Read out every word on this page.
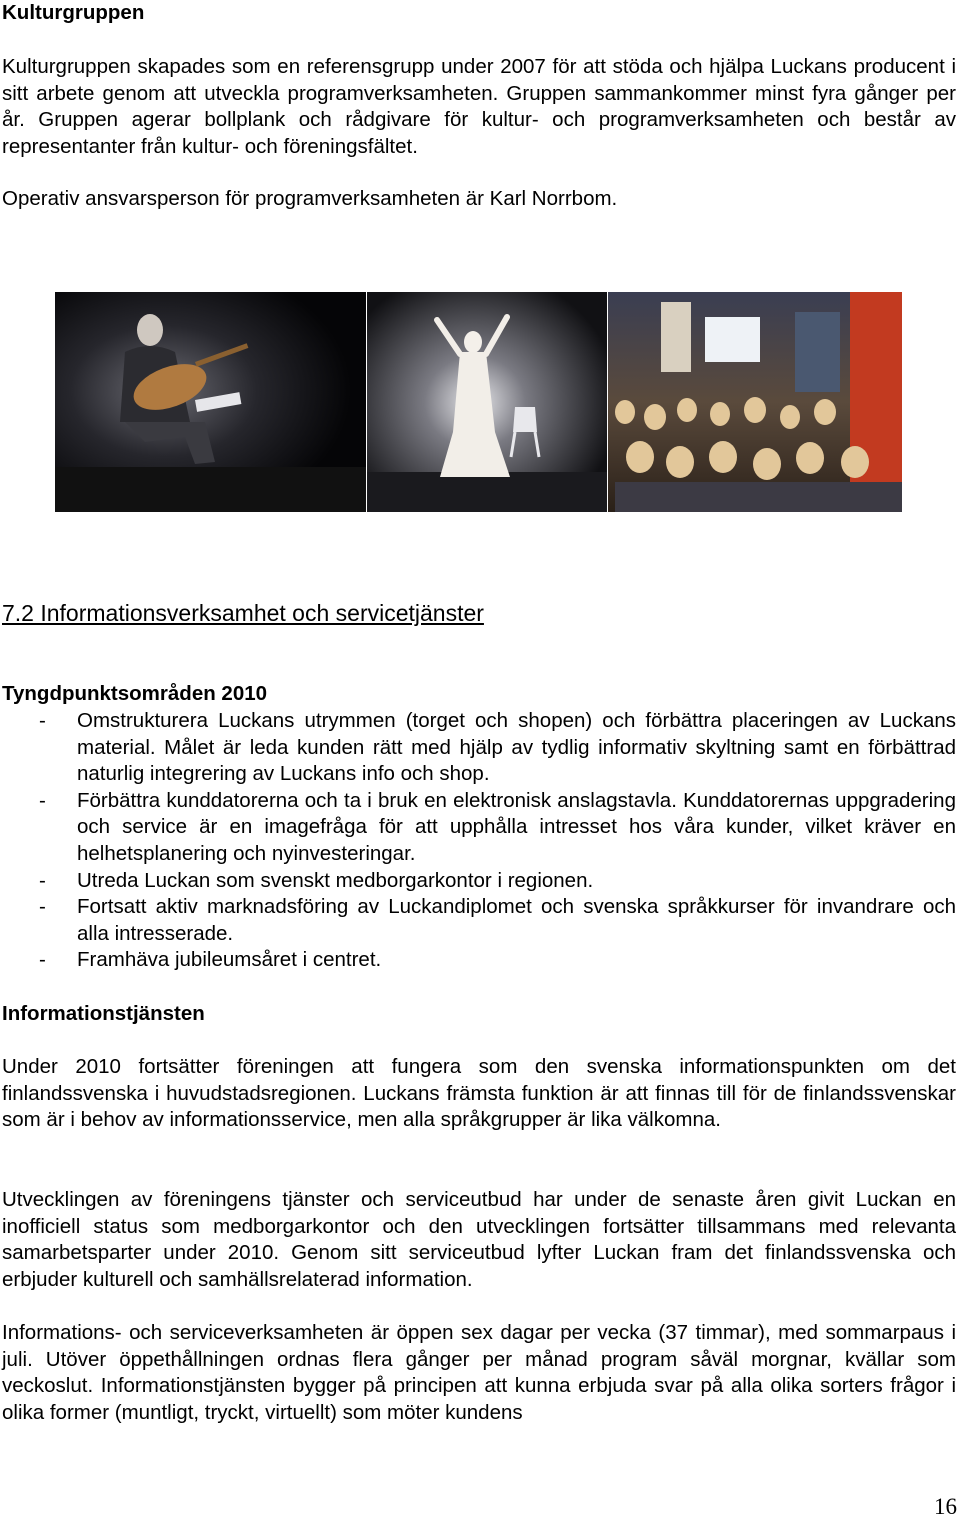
Kulturgruppen

Kulturgruppen skapades som en referensgrupp under 2007 för att stöda och hjälpa Luckans producent i sitt arbete genom att utveckla programverksamheten. Gruppen sammankommer minst fyra gånger per år. Gruppen agerar bollplank och rådgivare för kultur- och programverksamheten och består av representanter från kultur- och föreningsfältet.

Operativ ansvarsperson för programverksamheten är Karl Norrbom.

7.2 Informationsverksamhet och servicetjänster

Tyngdpunktsområden 2010

- Omstrukturera Luckans utrymmen (torget och shopen) och förbättra placeringen av Luckans material. Målet är leda kunden rätt med hjälp av tydlig informativ skyltning samt en förbättrad naturlig integrering av Luckans info och shop.
- Förbättra kunddatorerna och ta i bruk en elektronisk anslagstavla. Kunddatorernas uppgradering och service är en imagefråga för att upphålla intresset hos våra kunder, vilket kräver en helhetsplanering och nyinvesteringar.
- Utreda Luckan som svenskt medborgarkontor i regionen.
- Fortsatt aktiv marknadsföring av Luckandiplomet och svenska språkkurser för invandrare och alla intresserade.
- Framhäva jubileumsåret i centret.

Informationstjänsten

Under 2010 fortsätter föreningen att fungera som den svenska informationspunkten om det finlandssvenska i huvudstadsregionen. Luckans främsta funktion är att finnas till för de finlandssvenskar som är i behov av informationsservice, men alla språkgrupper är lika välkomna.

Utvecklingen av föreningens tjänster och serviceutbud har under de senaste åren givit Luckan en inofficiell status som medborgarkontor och den utvecklingen fortsätter tillsammans med relevanta samarbetsparter under 2010. Genom sitt serviceutbud lyfter Luckan fram det finlandssvenska och erbjuder kulturell och samhällsrelaterad information.

Informations- och serviceverksamheten är öppen sex dagar per vecka (37 timmar), med sommarpaus i juli. Utöver öppethållningen ordnas flera gånger per månad program såväl morgnar, kvällar som veckoslut. Informationstjänsten bygger på principen att kunna erbjuda svar på alla olika sorters frågor i olika former (muntligt, tryckt, virtuellt) som möter kundens

16
